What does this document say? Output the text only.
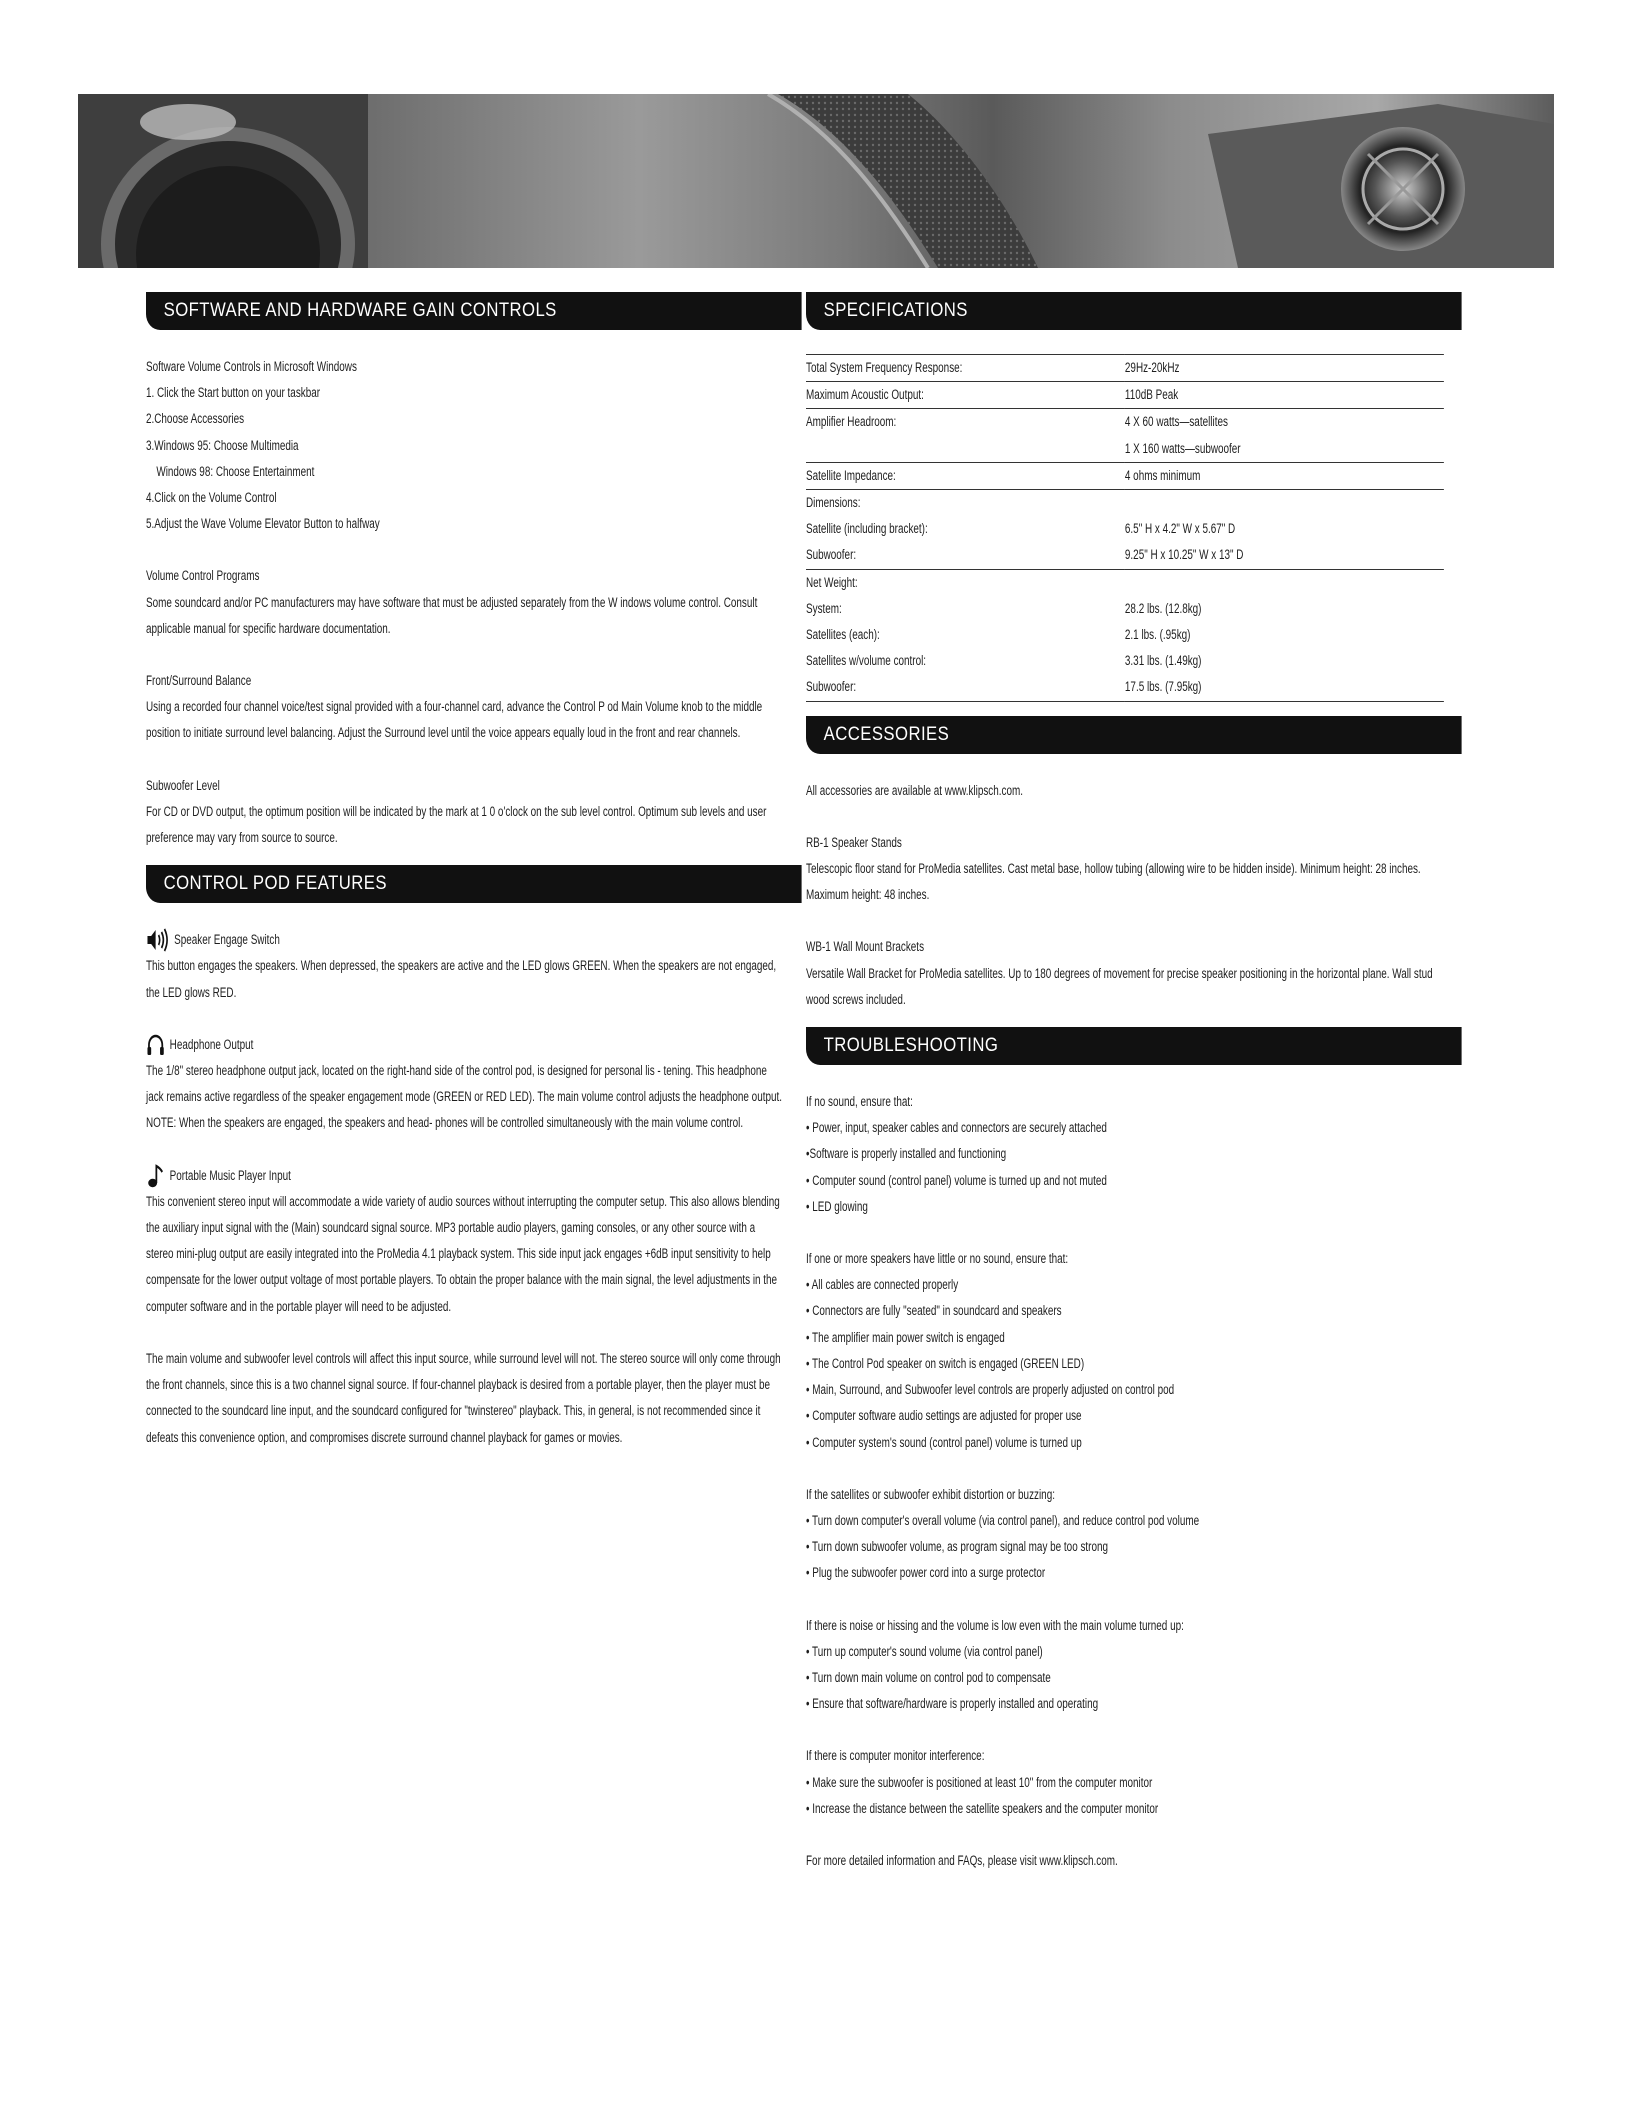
SOFTWARE AND HARDWARE GAIN CONTROLS

Software Volume Controls in Microsoft Windows

1. Click the Start button on your taskbar

2.Choose Accessories

3.Windows 95: Choose Multimedia

Windows 98: Choose Entertainment

4.Click on the Volume Control

5.Adjust the Wave Volume Elevator Button to halfway

Volume Control Programs

Some soundcard and/or PC manufacturers may have software that must be adjusted separately from the W indows volume control. Consult applicable manual for specific hardware documentation.

Front/Surround Balance

Using a recorded four channel voice/test signal provided with a four-channel card, advance the Control P od Main Volume knob to the middle position to initiate surround level balancing. Adjust the Surround level until the voice appears equally loud in the front and rear channels.

Subwoofer Level

For CD or DVD output, the optimum position will be indicated by the mark at 1 0 o'clock on the sub level control. Optimum sub levels and user preference may vary from source to source.

CONTROL POD FEATURES
Speaker Engage Switch

This button engages the speakers. When depressed, the speakers are active and the LED glows GREEN. When the speakers are not engaged, the LED glows RED.

Headphone Output

The 1/8" stereo headphone output jack, located on the right-hand side of the control pod, is designed for personal lis - tening. This headphone jack remains active regardless of the speaker engagement mode (GREEN or RED LED). The main volume control adjusts the headphone output. NOTE: When the speakers are engaged, the speakers and head- phones will be controlled simultaneously with the main volume control.

Portable Music Player Input

This convenient stereo input will accommodate a wide variety of audio sources without interrupting the computer setup. This also allows blending the auxiliary input signal with the (Main) soundcard signal source. MP3 portable audio players, gaming consoles, or any other source with a stereo mini-plug output are easily integrated into the ProMedia 4.1 playback system. This side input jack engages +6dB input sensitivity to help compensate for the lower output voltage of most portable players. To obtain the proper balance with the main signal, the level adjustments in the computer software and in the portable player will need to be adjusted.

The main volume and subwoofer level controls will affect this input source, while surround level will not. The stereo source will only come through the front channels, since this is a two channel signal source. If four-channel playback is desired from a portable player, then the player must be connected to the soundcard line input, and the soundcard configured for "twinstereo" playback. This, in general, is not recommended since it defeats this convenience option, and compromises discrete surround channel playback for games or movies.

SPECIFICATIONS
Total System Frequency Response:	29Hz-20kHz
Maximum Acoustic Output:	110dB Peak
Amplifier Headroom:	4 X 60 watts—satellites
	1 X 160 watts—subwoofer
Satellite Impedance:	4 ohms minimum
Dimensions:	
Satellite (including bracket):	6.5" H x 4.2" W x 5.67" D
Subwoofer:	9.25" H x 10.25" W x 13" D
Net Weight:	
System:	28.2 lbs. (12.8kg)
Satellites (each):	2.1 lbs. (.95kg)
Satellites w/volume control:	3.31 lbs. (1.49kg)
Subwoofer:	17.5 lbs. (7.95kg)
ACCESSORIES

All accessories are available at www.klipsch.com.

RB-1 Speaker Stands

Telescopic floor stand for ProMedia satellites. Cast metal base, hollow tubing (allowing wire to be hidden inside). Minimum height: 28 inches. Maximum height: 48 inches.

WB-1 Wall Mount Brackets

Versatile Wall Bracket for ProMedia satellites. Up to 180 degrees of movement for precise speaker positioning in the horizontal plane. Wall stud wood screws included.

TROUBLESHOOTING

If no sound, ensure that:

• Power, input, speaker cables and connectors are securely attached

•Software is properly installed and functioning

• Computer sound (control panel) volume is turned up and not muted

• LED glowing

If one or more speakers have little or no sound, ensure that:

• All cables are connected properly

• Connectors are fully "seated" in soundcard and speakers

• The amplifier main power switch is engaged

• The Control Pod speaker on switch is engaged (GREEN LED)

• Main, Surround, and Subwoofer level controls are properly adjusted on control pod

• Computer software audio settings are adjusted for proper use

• Computer system's sound (control panel) volume is turned up

If the satellites or subwoofer exhibit distortion or buzzing:

• Turn down computer's overall volume (via control panel), and reduce control pod volume

• Turn down subwoofer volume, as program signal may be too strong

• Plug the subwoofer power cord into a surge protector

If there is noise or hissing and the volume is low even with the main volume turned up:

• Turn up computer's sound volume (via control panel)

• Turn down main volume on control pod to compensate

• Ensure that software/hardware is properly installed and operating

If there is computer monitor interference:

• Make sure the subwoofer is positioned at least 10" from the computer monitor

• Increase the distance between the satellite speakers and the computer monitor

For more detailed information and FAQs, please visit www.klipsch.com.
